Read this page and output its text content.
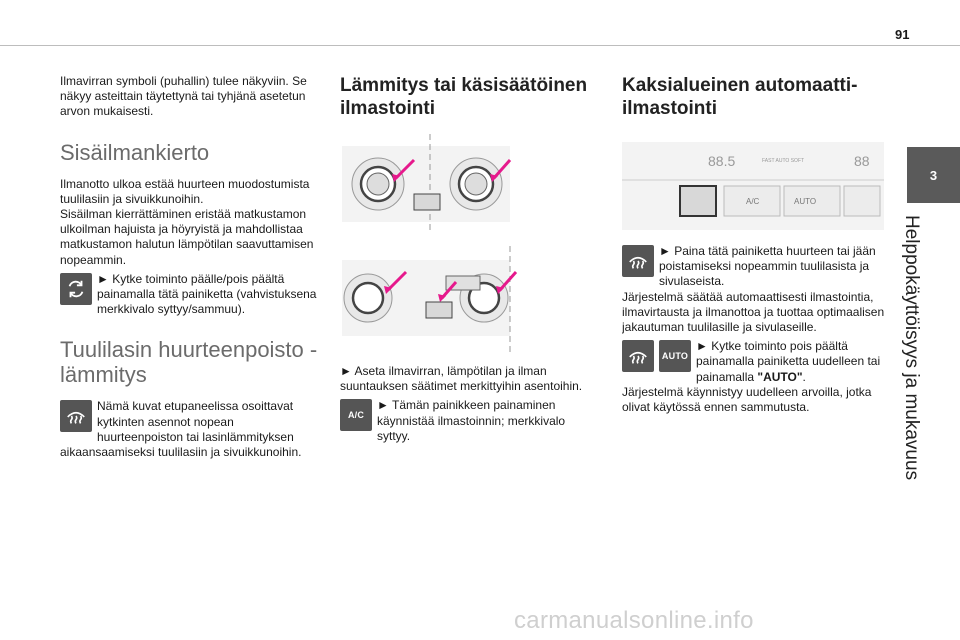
91
3
Helppokäyttöisyys ja mukavuus

Ilmavirran symboli (puhallin) tulee näkyviin. Se näkyy asteittain täytettynä tai tyhjänä asetetun arvon mukaisesti.

Sisäilmankierto

Ilmanotto ulkoa estää huurteen muodostumista tuulilasiin ja sivuikkunoihin.
Sisäilman kierrättäminen eristää matkustamon ulkoilman hajuista ja höyryistä ja mahdollistaa matkustamon halutun lämpötilan saavuttamisen nopeammin.

► Kytke toiminto päälle/pois päältä painamalla tätä painiketta (vahvistuksena merkkivalo syttyy/sammuu).
Tuulilasin huurteenpoisto - lämmitys
Nämä kuvat etupaneelissa osoittavat kytkinten asennot nopean huurteenpoiston tai lasinlämmityksen aikaansaamiseksi tuulilasiin ja sivuikkunoihin.
Lämmitys tai käsisäätöinen ilmastointi

► Aseta ilmavirran, lämpötilan ja ilman suuntauksen säätimet merkittyihin asentoihin.

A/C
► Tämän painikkeen painaminen käynnistää ilmastoinnin; merkkivalo syttyy.
Kaksialueinen automaatti-ilmastointi
A/C	AUTO
88.5	88
FAST AUTO SOFT
► Paina tätä painiketta huurteen tai jään poistamiseksi nopeammin tuulilasista ja sivulaseista.
Järjestelmä säätää automaattisesti ilmastointia, ilmavirtausta ja ilmanottoa ja tuottaa optimaalisen jakautuman tuulilasille ja sivulaseille.
AUTO
► Kytke toiminto pois päältä painamalla painiketta uudelleen tai painamalla "AUTO".
Järjestelmä käynnistyy uudelleen arvoilla, jotka olivat käytössä ennen sammutusta.
carmanualsonline.info
